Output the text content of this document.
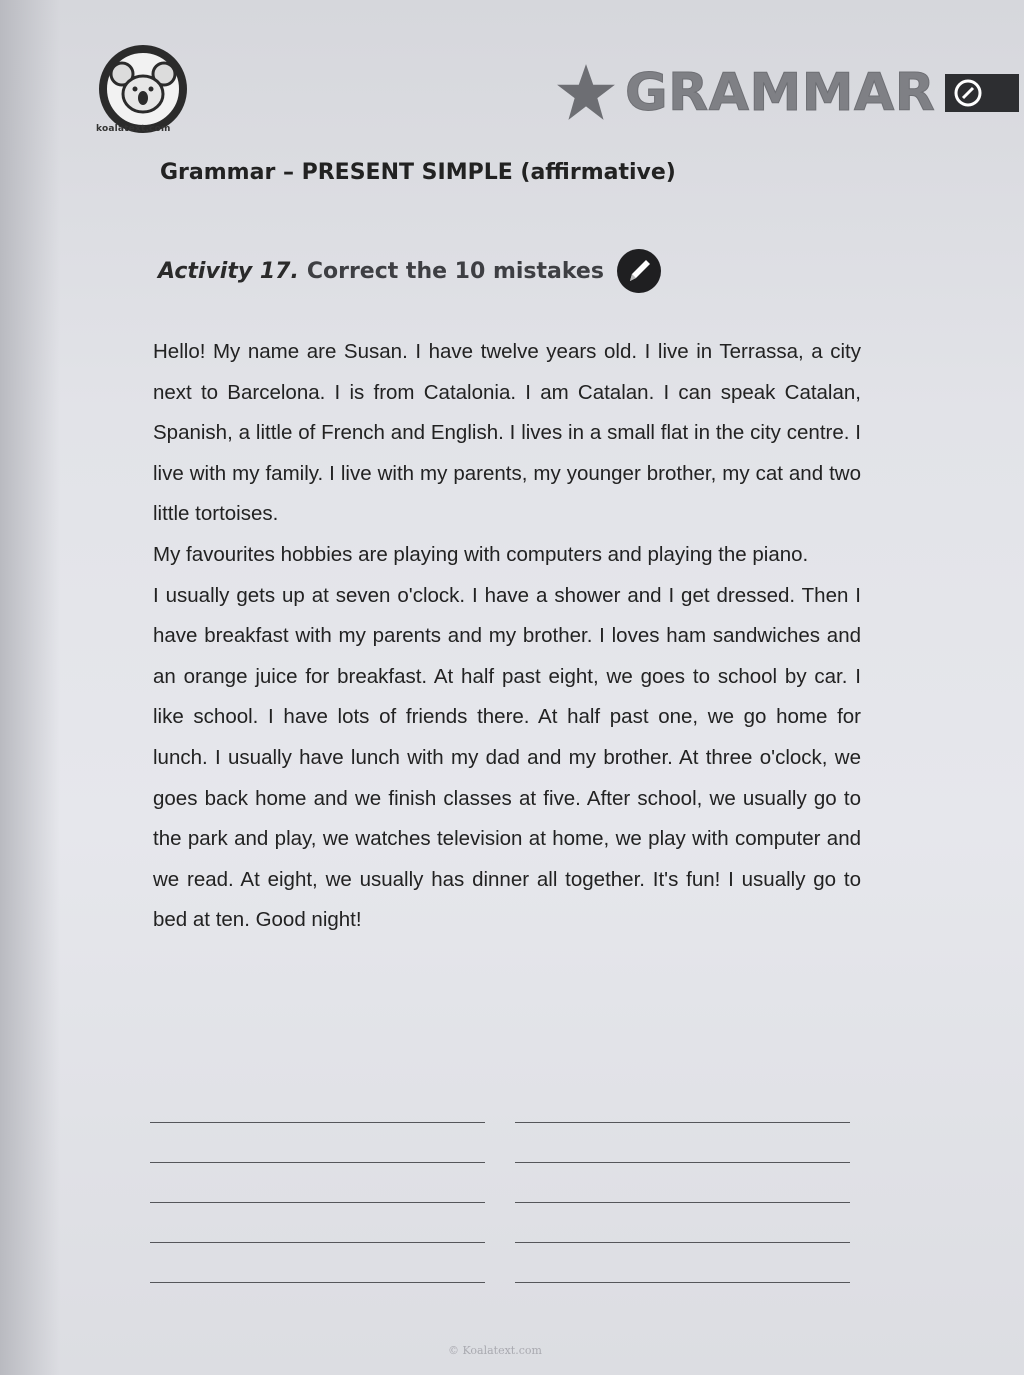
koalatext.com
GRAMMAR
Grammar – PRESENT SIMPLE (affirmative)
Activity 17. Correct the 10 mistakes

Hello! My name are Susan. I have twelve years old. I live in Terrassa, a city next to Barcelona. I is from Catalonia. I am Catalan. I can speak Catalan, Spanish, a little of French and English. I lives in a small flat in the city centre. I live with my family. I live with my parents, my younger brother, my cat and two little tortoises.

My favourites hobbies are playing with computers and playing the piano.

I usually gets up at seven o'clock. I have a shower and I get dressed. Then I have breakfast with my parents and my brother. I loves ham sandwiches and an orange juice for breakfast. At half past eight, we goes to school by car. I like school. I have lots of friends there. At half past one, we go home for lunch. I usually have lunch with my dad and my brother. At three o'clock, we goes back home and we finish classes at five. After school, we usually go to the park and play, we watches television at home, we play with computer and we read. At eight, we usually has dinner all together. It's fun! I usually go to bed at ten. Good night!

© Koalatext.com
